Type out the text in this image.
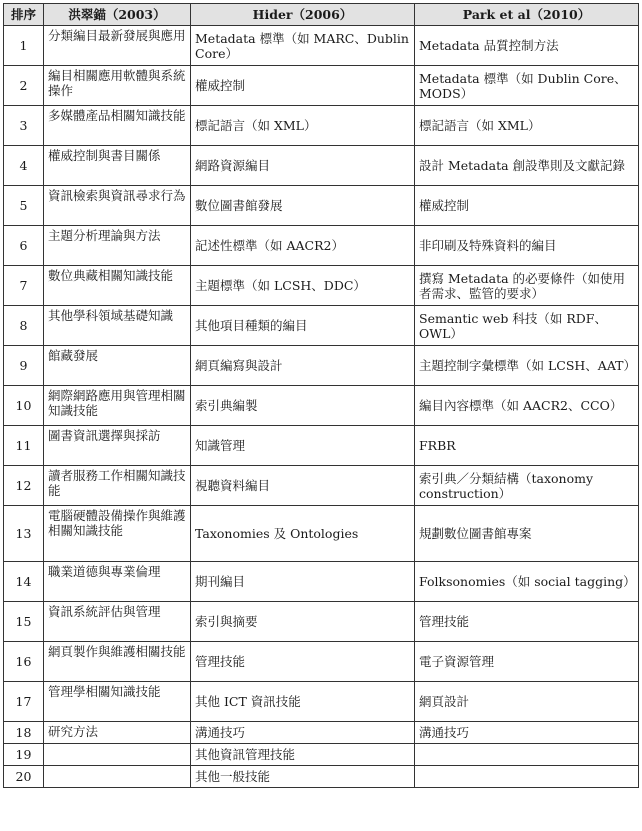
排序	洪翠錨（2003）	Hider（2006）	Park et al（2010）
1	分類編目最新發展與應用	Metadata 標準（如 MARC、Dublin Core）	Metadata 品質控制方法
2	編目相關應用軟體與系統操作	權威控制	Metadata 標準（如 Dublin Core、MODS）
3	多媒體產品相關知識技能	標記語言（如 XML）	標記語言（如 XML）
4	權威控制與書目關係	網路資源編目	設計 Metadata 創設準則及文獻記錄
5	資訊檢索與資訊尋求行為	數位圖書館發展	權威控制
6	主題分析理論與方法	記述性標準（如 AACR2）	非印刷及特殊資料的編目
7	數位典藏相關知識技能	主題標準（如 LCSH、DDC）	撰寫 Metadata 的必要條件（如使用者需求、監管的要求）
8	其他學科領域基礎知識	其他項目種類的編目	Semantic web 科技（如 RDF、OWL）
9	館藏發展	網頁編寫與設計	主題控制字彙標準（如 LCSH、AAT）
10	網際網路應用與管理相關知識技能	索引典編製	編目內容標準（如 AACR2、CCO）
11	圖書資訊選擇與採訪	知識管理	FRBR
12	讀者服務工作相關知識技能	視聽資料編目	索引典／分類結構（taxonomy construction）
13	電腦硬體設備操作與維護相關知識技能	Taxonomies 及 Ontologies	規劃數位圖書館專案
14	職業道德與專業倫理	期刊編目	Folksonomies（如 social tagging）
15	資訊系統評估與管理	索引與摘要	管理技能
16	網頁製作與維護相關技能	管理技能	電子資源管理
17	管理學相關知識技能	其他 ICT 資訊技能	網頁設計
18	研究方法	溝通技巧	溝通技巧
19		其他資訊管理技能	
20		其他一般技能	
